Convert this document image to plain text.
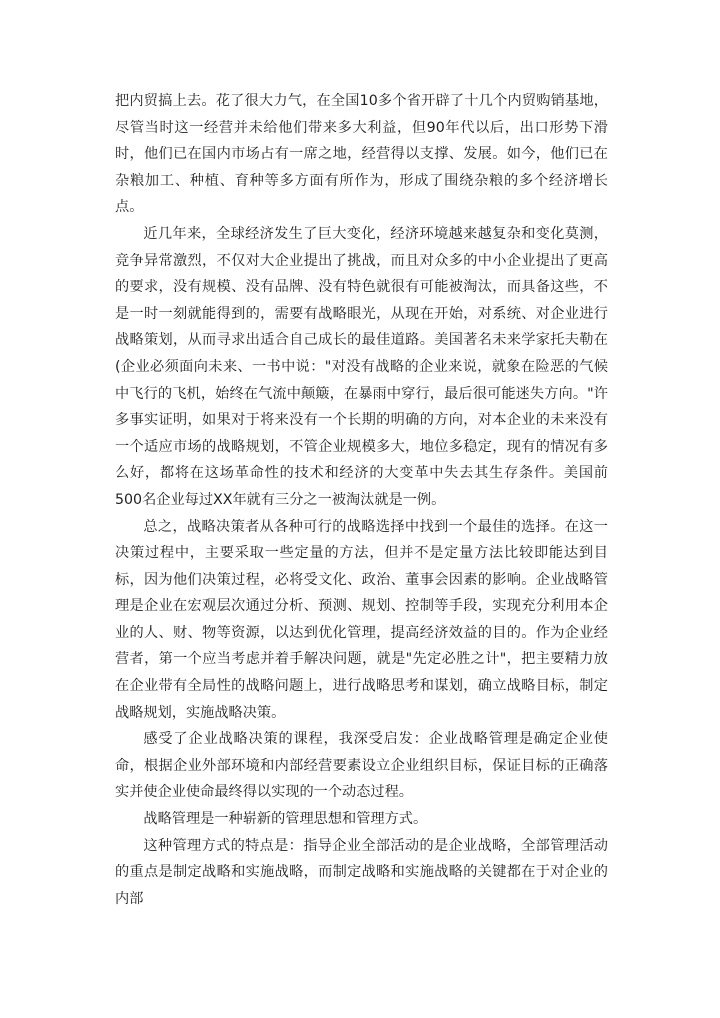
把内贸搞上去。花了很大力气，在全国10多个省开辟了十几个内贸购销基地，尽管当时这一经营并未给他们带来多大利益，但90年代以后，出口形势下滑时，他们已在国内市场占有一席之地，经营得以支撑、发展。如今，他们已在杂粮加工、种植、育种等多方面有所作为，形成了围绕杂粮的多个经济增长点。

近几年来，全球经济发生了巨大变化，经济环境越来越复杂和变化莫测，竞争异常激烈，不仅对大企业提出了挑战，而且对众多的中小企业提出了更高的要求，没有规模、没有品牌、没有特色就很有可能被淘汰，而具备这些，不是一时一刻就能得到的，需要有战略眼光，从现在开始，对系统、对企业进行战略策划，从而寻求出适合自己成长的最佳道路。美国著名未来学家托夫勒在(企业必须面向未来、一书中说："对没有战略的企业来说，就象在险恶的气候中飞行的飞机，始终在气流中颠簸，在暴雨中穿行，最后很可能迷失方向。"许多事实证明，如果对于将来没有一个长期的明确的方向，对本企业的未来没有一个适应市场的战略规划，不管企业规模多大，地位多稳定，现有的情况有多么好，都将在这场革命性的技术和经济的大变革中失去其生存条件。美国前500名企业每过XX年就有三分之一被淘汰就是一例。

总之，战略决策者从各种可行的战略选择中找到一个最佳的选择。在这一决策过程中，主要采取一些定量的方法，但并不是定量方法比较即能达到目标，因为他们决策过程，必将受文化、政治、董事会因素的影响。企业战略管理是企业在宏观层次通过分析、预测、规划、控制等手段，实现充分利用本企业的人、财、物等资源，以达到优化管理，提高经济效益的目的。作为企业经营者，第一个应当考虑并着手解决问题，就是"先定必胜之计"，把主要精力放在企业带有全局性的战略问题上，进行战略思考和谋划，确立战略目标，制定战略规划，实施战略决策。

感受了企业战略决策的课程，我深受启发：企业战略管理是确定企业使命，根据企业外部环境和内部经营要素设立企业组织目标，保证目标的正确落实并使企业使命最终得以实现的一个动态过程。

战略管理是一种崭新的管理思想和管理方式。

这种管理方式的特点是：指导企业全部活动的是企业战略，全部管理活动的重点是制定战略和实施战略，而制定战略和实施战略的关键都在于对企业的内部
